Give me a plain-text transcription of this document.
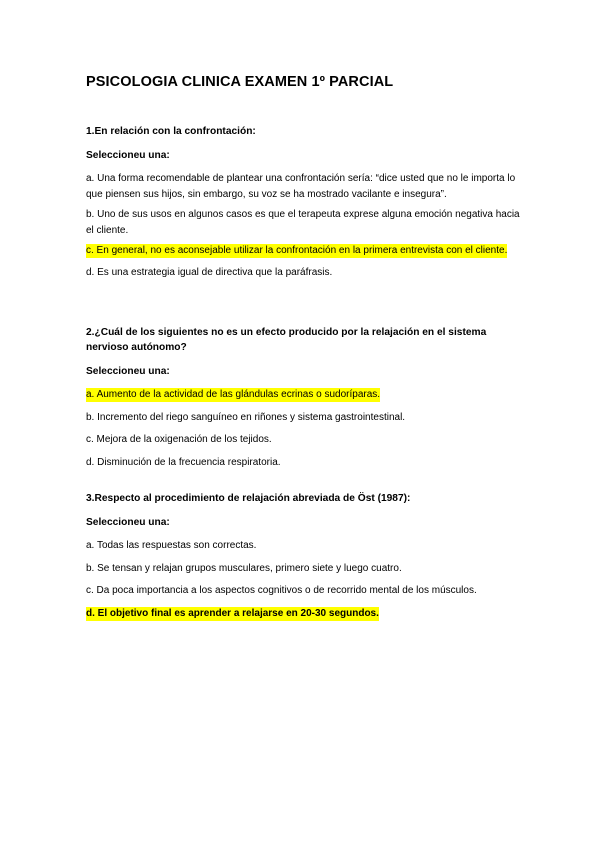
PSICOLOGIA CLINICA EXAMEN 1º PARCIAL

1.En relación con la confrontación:

Seleccioneu una:

a. Una forma recomendable de plantear una confrontación sería: “dice usted que no le importa lo que piensen sus hijos, sin embargo, su voz se ha mostrado vacilante e insegura”.

b. Uno de sus usos en algunos casos es que el terapeuta exprese alguna emoción negativa hacia el cliente.

c. En general, no es aconsejable utilizar la confrontación en la primera entrevista con el cliente.

d. Es una estrategia igual de directiva que la paráfrasis.

2.¿Cuál de los siguientes no es un efecto producido por la relajación en el sistema nervioso autónomo?

Seleccioneu una:

a. Aumento de la actividad de las glándulas ecrinas o sudoríparas.

b. Incremento del riego sanguíneo en riñones y sistema gastrointestinal.

c. Mejora de la oxigenación de los tejidos.

d. Disminución de la frecuencia respiratoria.

3.Respecto al procedimiento de relajación abreviada de Öst (1987):

Seleccioneu una:

a. Todas las respuestas son correctas.

b. Se tensan y relajan grupos musculares, primero siete y luego cuatro.

c. Da poca importancia a los aspectos cognitivos o de recorrido mental de los músculos.

d. El objetivo final es aprender a relajarse en 20-30 segundos.
